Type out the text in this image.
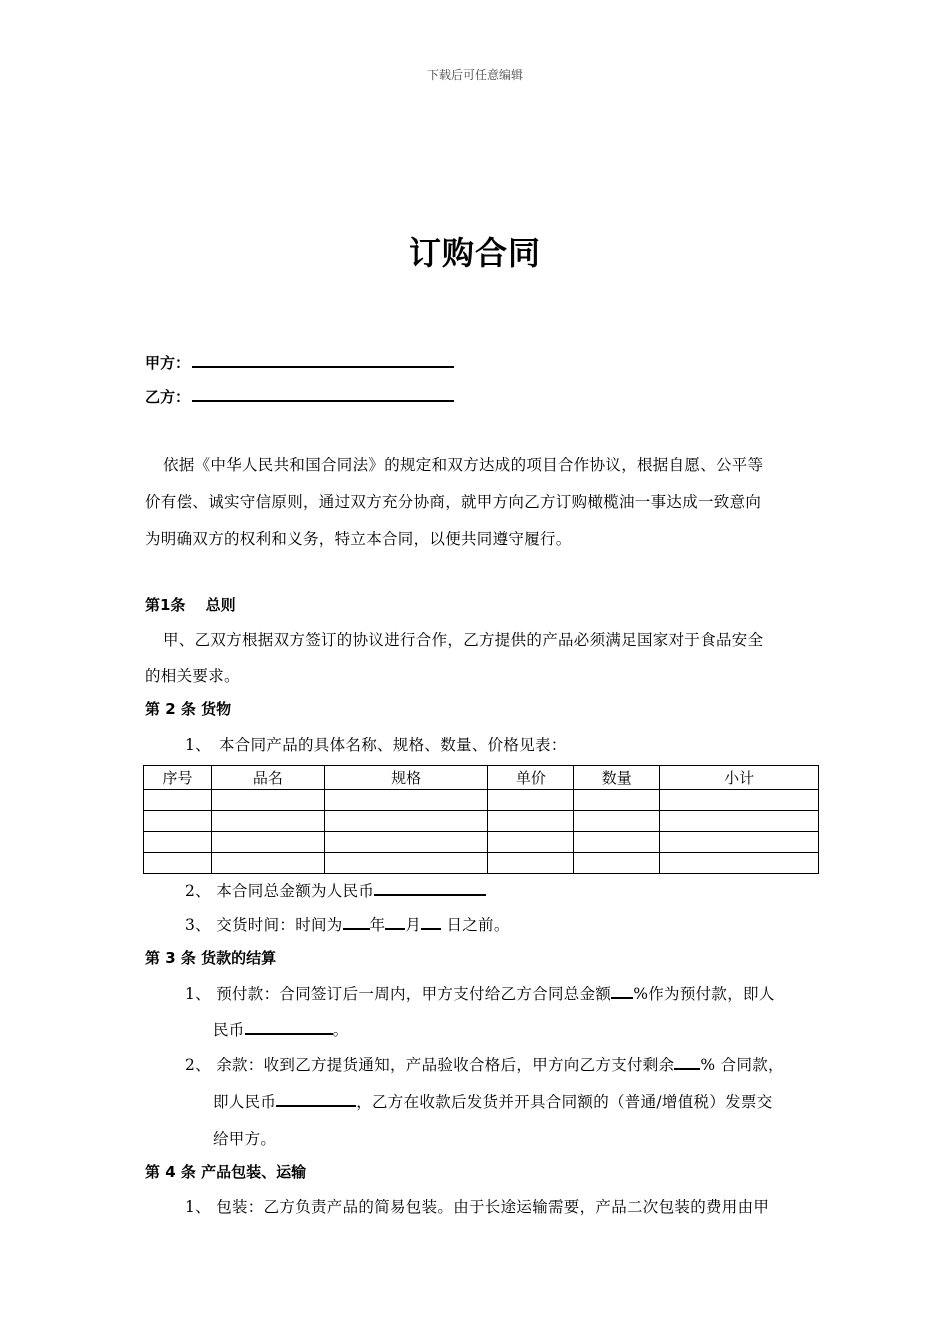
下载后可任意编辑
订购合同
甲方：
乙方：
依据《中华人民共和国合同法》的规定和双方达成的项目合作协议，根据自愿、公平等
价有偿、诚实守信原则，通过双方充分协商，就甲方向乙方订购橄榄油一事达成一致意向
为明确双方的权利和义务，特立本合同，以便共同遵守履行。
第1条　 总则
甲、乙双方根据双方签订的协议进行合作，乙方提供的产品必须满足国家对于食品安全
的相关要求。
第 2 条 货物
1、　本合同产品的具体名称、规格、数量、价格见表：
序号	品名	规格	单价	数量	小计

2、 本合同总金额为人民币
3、 交货时间：时间为 年 月 日之前。
第 3 条 货款的结算
1、 预付款：合同签订后一周内，甲方支付给乙方合同总金额 %作为预付款，即人
民币	。
2、 余款：收到乙方提货通知，产品验收合格后，甲方向乙方支付剩余 % 合同款，
即人民币	，乙方在收款后发货并开具合同额的（普通/增值税）发票交
给甲方。
第 4 条 产品包装、运输
1、 包装：乙方负责产品的简易包装。由于长途运输需要，产品二次包装的费用由甲
